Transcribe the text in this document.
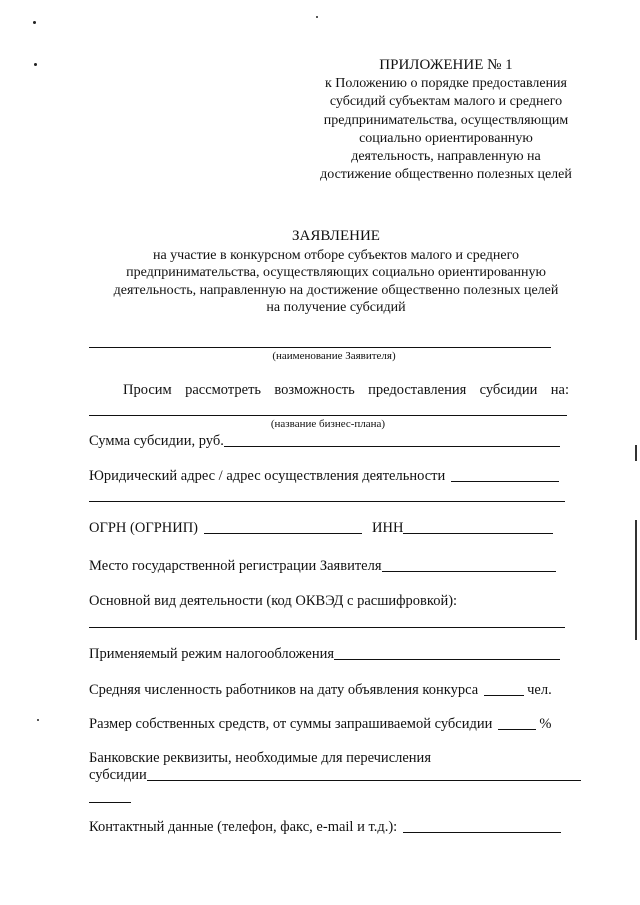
ПРИЛОЖЕНИЕ № 1
к Положению о порядке предоставления
субсидий субъектам малого и среднего
предпринимательства, осуществляющим
социально ориентированную
деятельность, направленную на
достижение общественно полезных целей
ЗАЯВЛЕНИЕ
на участие в конкурсном отборе субъектов малого и среднего
предпринимательства, осуществляющих социально ориентированную
деятельность, направленную на достижение общественно полезных целей
на получение субсидий
(наименование Заявителя)
Просим рассмотреть возможность предоставления субсидии на:
(название бизнес-плана)
Сумма субсидии, руб.
Юридический адрес / адрес осуществления деятельности
ОГРН (ОГРНИП)	ИНН
Место государственной регистрации Заявителя
Основной вид деятельности (код ОКВЭД с расшифровкой):
Применяемый режим налогообложения
Средняя численность работников на дату объявления конкурса	чел.
Размер собственных средств, от суммы запрашиваемой субсидии	%
Банковские реквизиты, необходимые для перечисления
субсидии
Контактный данные (телефон, факс, e-mail и т.д.):
